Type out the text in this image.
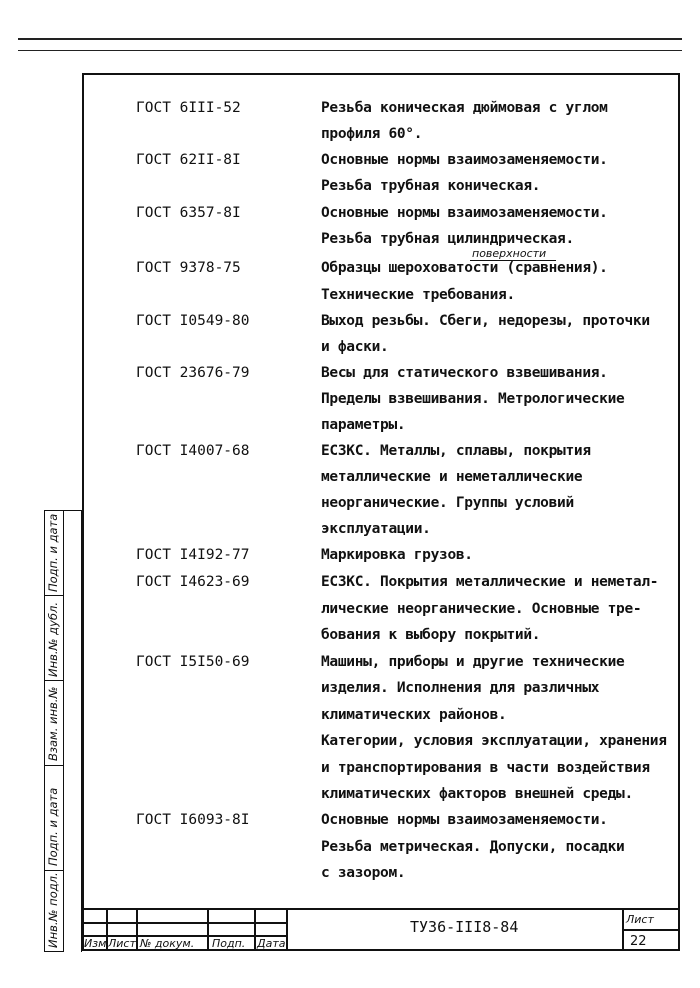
ГОСТ 6III-52	Резьба коническая дюймовая с углом
профиля 60°.
ГОСТ 62II-8I	Основные нормы взаимозаменяемости.
Резьба трубная коническая.
ГОСТ 6357-8I	Основные нормы взаимозаменяемости.
Резьба трубная цилиндрическая.
поверхности
ГОСТ 9378-75	Образцы шероховатости (сравнения).
Технические требования.
ГОСТ I0549-80	Выход резьбы. Сбеги, недорезы, проточки
и фаски.
ГОСТ 23676-79	Весы для статического взвешивания.
Пределы взвешивания. Метрологические
параметры.
ГОСТ I4007-68	ЕСЗКС. Металлы, сплавы, покрытия
металлические и неметаллические
неорганические. Группы условий
эксплуатации.
ГОСТ I4I92-77	Маркировка грузов.
ГОСТ I4623-69	ЕСЗКС. Покрытия металлические и неметал-
лические неорганические. Основные тре-
бования к выбору покрытий.
ГОСТ I5I50-69	Машины, приборы и другие технические
изделия. Исполнения для различных
климатических районов.
Категории, условия эксплуатации, хранения
и транспортирования в части воздействия
климатических факторов внешней среды.
ГОСТ I6093-8I	Основные нормы взаимозаменяемости.
Резьба метрическая. Допуски, посадки
с зазором.
Инв.№ подл.
Подп. и дата
Взам. инв.№
Инв.№ дубл.
Подп. и дата
Изм Лист № докум. Подп. Дата
ТУ36-III8-84	Лист
22
